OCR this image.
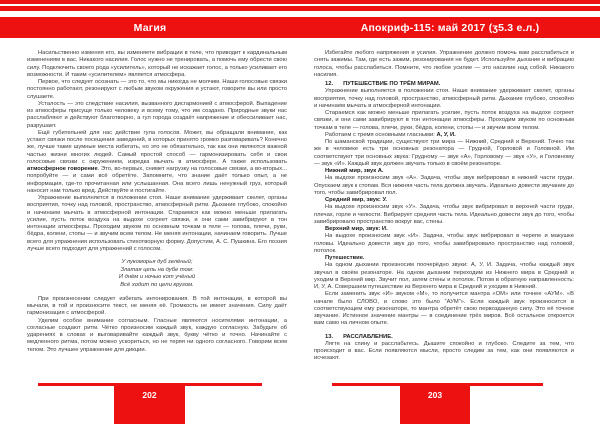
Магия	Апокриф-115: май 2017 (ӡ5.3 е.л.)

Насильственно изменяя его, вы изменяете вибрации в теле, что приводит к кардинальным изменениям в вас. Никакого насилия. Голос нужно не тренировать, а помочь ему обрести свою силу. Подключить своего рода «усилитель», который не искажает голос, а только усиливает его возможности. И таким «усилителем» является атмосфера.

Первое, что следует осознать — это то, что мы никогда не молчим. Наши голосовые связки постоянно работают, резонируют с любым звуком окружения и устают, говорите вы или просто слушаете.

Усталость — это следствие насилия, вызванного дисгармонией с атмосферой. Выпадение из атмосферы присуще только человеку и всему тому, что им создано. Природные звуки нас расслабляют и действуют благотворно, а гул города создаёт напряжение и обессиливает нас, разрушает.

Ещё губительней для нас действие гула голосов. Может, вы обращали внимание, как устают связки после посещения заведений, в которых принято громко разговаривать? Конечно же, лучше такие шумные места избегать, но это не обязательно, так как они являются важной частью жизни многих людей. Самый простой способ — гармонизировать себя и свои голосовые связки с окружением, изредка мычать в атмосфере. А также использовать атмосферное говорение. Это, во-первых, снимет нагрузку на голосовые связки, а во-вторых... попробуйте — и сами всё обретёте. Запомните, что знание даёт только опыт, а не информация, где-то прочитанная или услышанная. Она всего лишь ненужный груз, который наносит нам только вред. Действуйте и постигайте.

Упражнение выполняется в положении стоя. Наше внимание удерживает скелет, органы восприятия, точку над головой, пространство, атмосферный ритм. Дыхание глубоко, спокойно и начинаем мычать в атмосферной интонации. Стараемся как можно меньше прилагать усилие, пусть поток воздуха на выдохе согреет связки, и они сами завибрируют в тон интонации атмосферы. Проходим звуком по основным точкам в теле — голова, плечи, руки, бёдра, колени, стопы — и звучим всем телом. Не меняя интонации, начинаем говорить. Лучше всего для упражнения использовать стихотворную форму. Допустим, А. С. Пушкина. Его поэзия лучше всего подходит для упражнений с голосом.

У лукоморья дуб зелёный;
Златая цепь на дубе том:
И днём и ночью кот учёный
Всё ходит по цепи кругом.

При произнесении следует избегать интонирования. В той интонации, в которой вы мычали, в той и произносите текст, не меняя её. Громкость не имеет значения. Силу даёт гармонизация с атмосферой.

Уделим особое внимание согласным. Гласные являются носителями интонации, а согласные создают ритм. Чётко произносим каждый звук, каждую согласную. Забудьте об ударениях в словах и выговаривайте каждый звук, букву чётко и точно. Начинайте с медленного ритма, потом можно ускориться, но не теряя ни одного согласного. Говорим всем телом. Это лучшее упражнение для дикции.

Избегайте любого напряжения и усилия. Упражнение должно помочь вам расслабиться и снять зажимы. Там, где есть зажим, резонирования не будет. Используйте дыхание и вибрацию голоса, чтобы расслабиться. Помните, что любое усилие — это насилие над собой. Никакого насилия.

12. ПУТЕШЕСТВИЕ ПО ТРЁМ МИРАМ.

Упражнение выполняется в положении стоя. Наше внимание удерживает скелет, органы восприятия, точку над головой, пространство, атмосферный ритм. Дыхание глубоко, спокойно и начинаем мычать в атмосферной интонации.

Стараемся как можно меньше прилагать усилие, пусть поток воздуха на выдохе согреет связки, и они сами завибрируют в тон интонации атмосферы. Проходим звуком по основным точкам в теле — голова, плечи, руки, бёдра, колени, стопы — и звучим всем телом.

Работаем с тремя основными гласными: А, У, И.

По шаманской традиции, существуют три мира — Нижний, Средний и Верхний. Точно так же в человеке есть три основных резонатора — Грудной, Горловой и Головной. Им соответствуют три основных звука: Грудному — звук «А», Горловому — звук «У», и Головному — звук «И». Каждый звук должен звучать только в своём резонаторе.

Нижний мир, звук А.

На выдохе произносим звук «А». Задача, чтобы звук вибрировал в нижней части груди. Опускаем звук к стопам. Вся нижняя часть тела должна звучать. Идеально довести звучание до того, чтобы завибрировал пол.

Средний мир, звук: У.

На выдохе произносим звук «У». Задача, чтобы звук вибрировал в верхней части груди, плечах, горле и челюсти. Вибрирует средняя часть тела. Идеально довести звук до того, чтобы завибрировало пространство вокруг вас, стены.

Верхний мир, звук: И.

На выдохе произносим звук «И». Задача, чтобы звук вибрировал в черепе и макушке головы. Идеально довести звук до того, чтобы завибрировало пространство над головой, потолок.

Путешествие.

На одном дыхании произносим поочерёдно звуки: А, У, И. Задача, чтобы каждый звук звучал в своём резонаторе. На одном дыхании переходим из Нижнего мира в Средний и уходим в Верхний мир. Звучит пол, затем стены и потолок. Потом в обратную направленность: И, У, А. Совершаем путешествие из Верхнего мира в Средний и уходим в Нижний.

Если заменить звук «И» звуком «М», то получится мантра «ОМ» или точнее «АУМ». «В начале было СЛОВО, и слово это было “АУМ”». Если каждый звук произносится в соответствующем ему резонаторе, то мантра обретёт свою первозданную силу. Это её точное звучание. Истинное значение мантры — в соединение трёх миров. Всё остальное откроется вам само на личном опыте.

13. РАССЛАБЛЕНИЕ.

Лягте на спину и расслабьтесь. Дышите спокойно и глубоко. Следите за тем, что происходит в вас. Если появляются мысли, просто следим за тем, как они появляются и исчезают.

202	203
